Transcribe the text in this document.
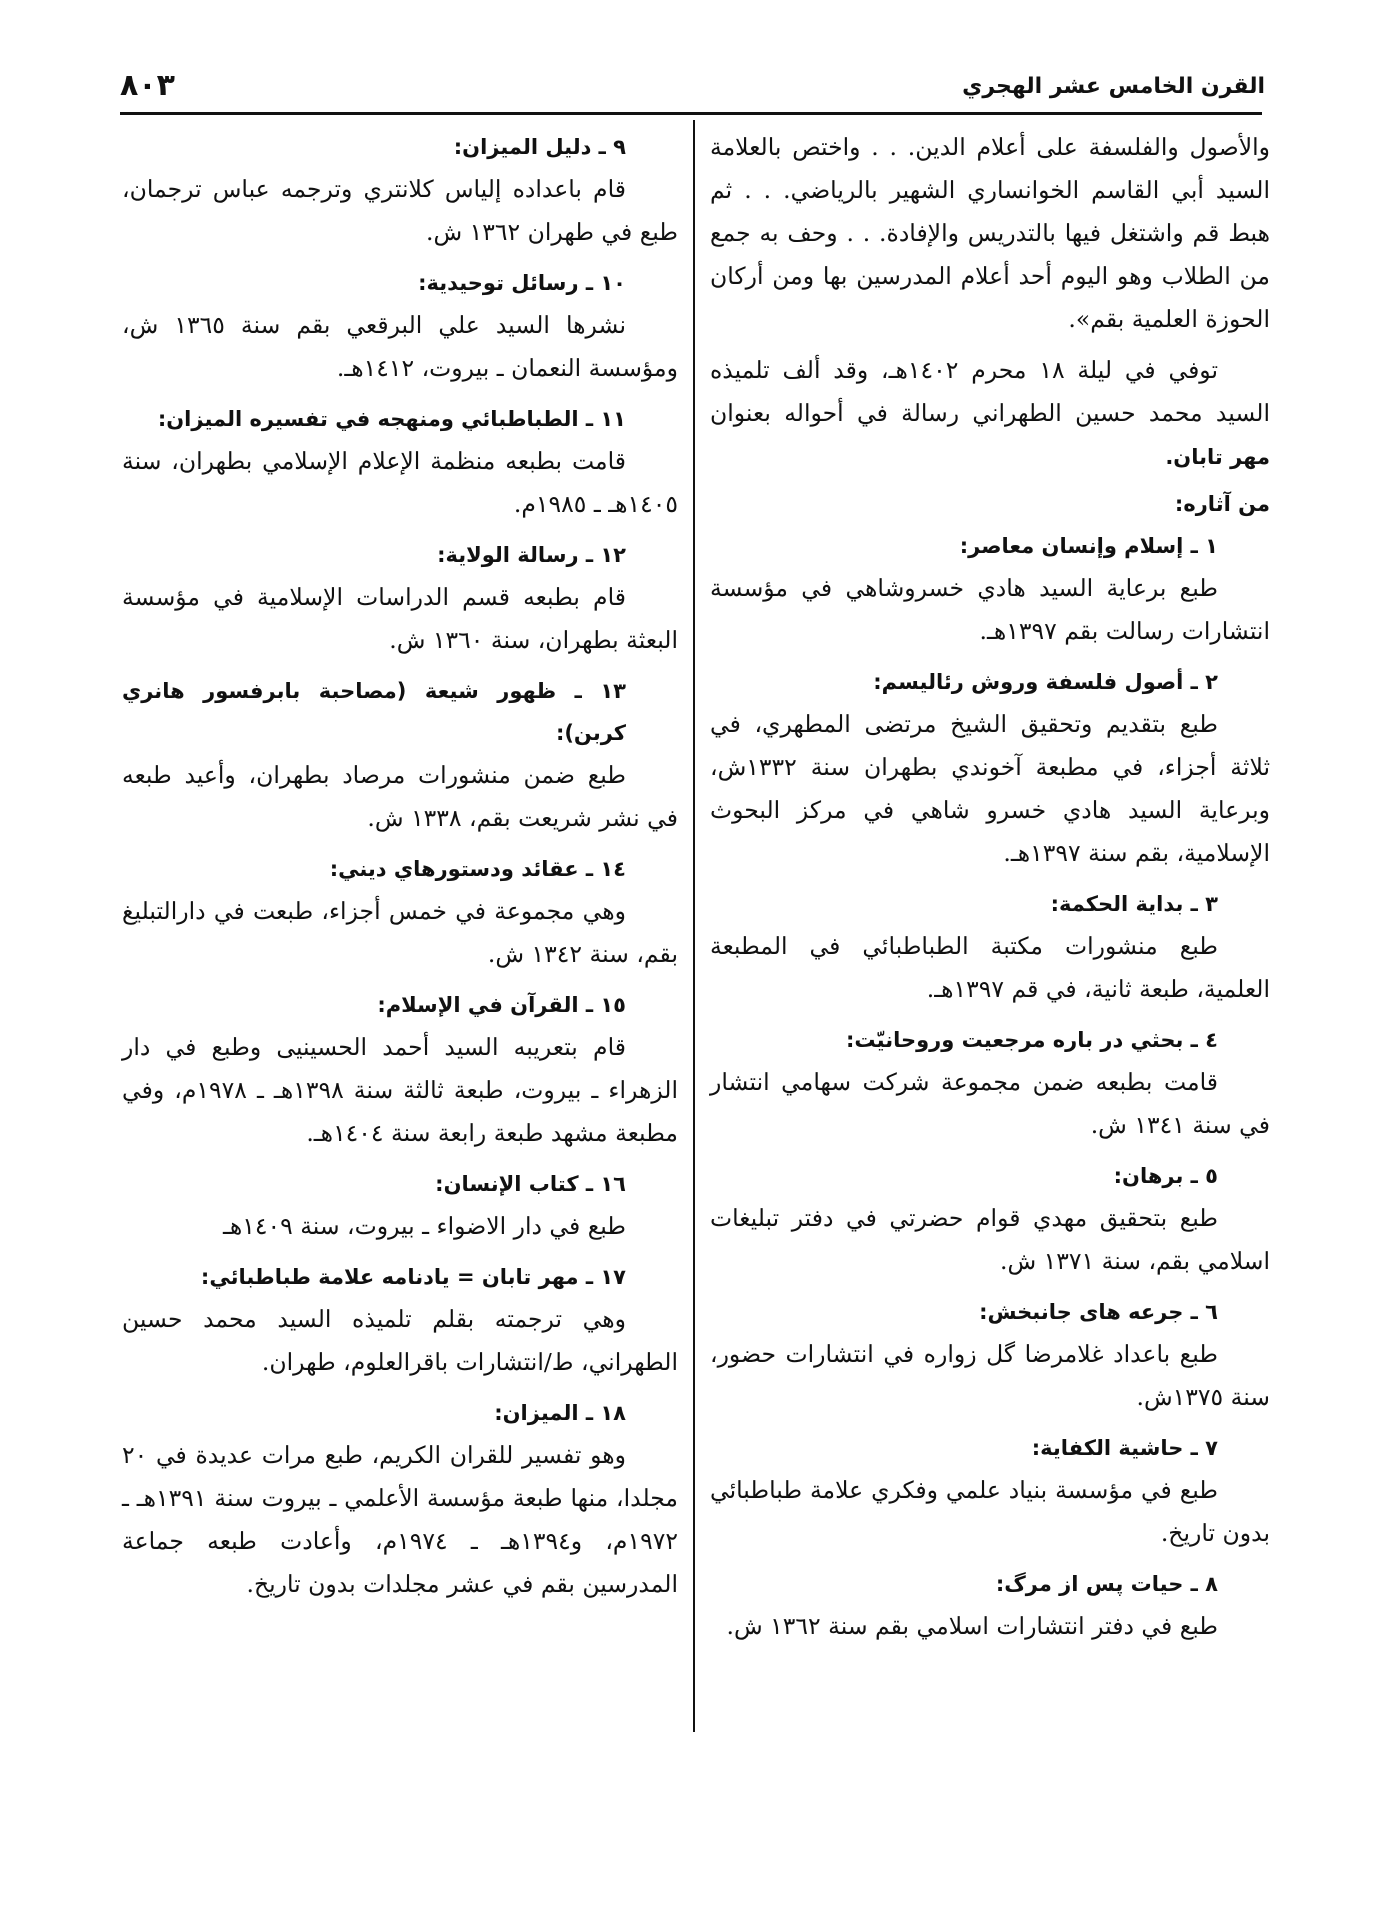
القرن الخامس عشر الهجري
٨٠٣

والأصول والفلسفة على أعلام الدين. . . واختص بالعلامة السيد أبي القاسم الخوانساري الشهير بالرياضي. . . ثم هبط قم واشتغل فيها بالتدريس والإفادة. . . وحف به جمع من الطلاب وهو اليوم أحد أعلام المدرسين بها ومن أركان الحوزة العلمية بقم».

توفي في ليلة ١٨ محرم ١٤٠٢هـ، وقد ألف تلميذه السيد محمد حسين الطهراني رسالة في أحواله بعنوان مهر تابان.

من آثاره:

١ ـ إسلام وإنسان معاصر:

طبع برعاية السيد هادي خسروشاهي في مؤسسة انتشارات رسالت بقم ١٣٩٧هـ.

٢ ـ أصول فلسفة وروش رئاليسم:

طبع بتقديم وتحقيق الشيخ مرتضى المطهري، في ثلاثة أجزاء، في مطبعة آخوندي بطهران سنة ١٣٣٢ش، وبرعاية السيد هادي خسرو شاهي في مركز البحوث الإسلامية، بقم سنة ١٣٩٧هـ.

٣ ـ بداية الحكمة:

طبع منشورات مكتبة الطباطبائي في المطبعة العلمية، طبعة ثانية، في قم ١٣٩٧هـ.

٤ ـ بحثي در باره مرجعيت وروحانيّت:

قامت بطبعه ضمن مجموعة شركت سهامي انتشار في سنة ١٣٤١ ش.

٥ ـ برهان:

طبع بتحقيق مهدي قوام حضرتي في دفتر تبليغات اسلامي بقم، سنة ١٣٧١ ش.

٦ ـ جرعه هاى جانبخش:

طبع باعداد غلامرضا گل زواره في انتشارات حضور، سنة ١٣٧٥ش.

٧ ـ حاشية الكفاية:

طبع في مؤسسة بنياد علمي وفكري علامة طباطبائي بدون تاريخ.

٨ ـ حيات پس از مرگ:

طبع في دفتر انتشارات اسلامي بقم سنة ١٣٦٢ ش.

٩ ـ دليل الميزان:

قام باعداده إلياس كلانتري وترجمه عباس ترجمان، طبع في طهران ١٣٦٢ ش.

١٠ ـ رسائل توحيدية:

نشرها السيد علي البرقعي بقم سنة ١٣٦٥ ش، ومؤسسة النعمان ـ بيروت، ١٤١٢هـ.

١١ ـ الطباطبائي ومنهجه في تفسيره الميزان:

قامت بطبعه منظمة الإعلام الإسلامي بطهران، سنة ١٤٠٥هـ ـ ١٩٨٥م.

١٢ ـ رسالة الولاية:

قام بطبعه قسم الدراسات الإسلامية في مؤسسة البعثة بطهران، سنة ١٣٦٠ ش.

١٣ ـ ظهور شيعة (مصاحبة بابرفسور هانري كربن):

طبع ضمن منشورات مرصاد بطهران، وأعيد طبعه في نشر شريعت بقم، ١٣٣٨ ش.

١٤ ـ عقائد ودستورهاي ديني:

وهي مجموعة في خمس أجزاء، طبعت في دارالتبليغ بقم، سنة ١٣٤٢ ش.

١٥ ـ القرآن في الإسلام:

قام بتعريبه السيد أحمد الحسينيى وطبع في دار الزهراء ـ بيروت، طبعة ثالثة سنة ١٣٩٨هـ ـ ١٩٧٨م، وفي مطبعة مشهد طبعة رابعة سنة ١٤٠٤هـ.

١٦ ـ كتاب الإنسان:

طبع في دار الاضواء ـ بيروت، سنة ١٤٠٩هـ

١٧ ـ مهر تابان = يادنامه علامة طباطبائي:

وهي ترجمته بقلم تلميذه السيد محمد حسين الطهراني، ط/انتشارات باقرالعلوم، طهران.

١٨ ـ الميزان:

وهو تفسير للقران الكريم، طبع مرات عديدة في ٢٠ مجلدا، منها طبعة مؤسسة الأعلمي ـ بيروت سنة ١٣٩١هـ ـ ١٩٧٢م، و١٣٩٤هـ ـ ١٩٧٤م، وأعادت طبعه جماعة المدرسين بقم في عشر مجلدات بدون تاريخ.
